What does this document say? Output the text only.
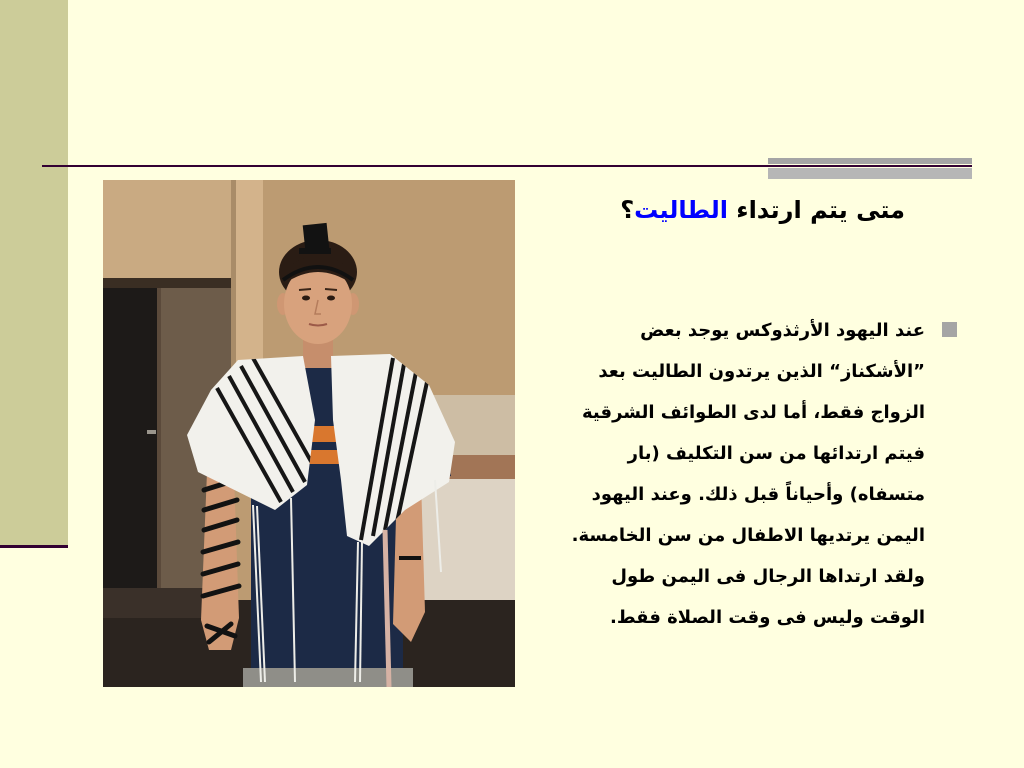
متى يتم ارتداء الطاليت؟
عند اليهود الأرثذوكس يوجد بعض
”الأشكناز“ الذين يرتدون الطاليت بعد
الزواج فقط، أما لدى الطوائف الشرقية
فيتم ارتدائها من سن التكليف (بار
متسفاه) وأحياناً قبل ذلك. وعند اليهود
اليمن يرتديها الاطفال من سن الخامسة.
ولقد ارتداها الرجال فى اليمن طول
الوقت وليس فى وقت الصلاة فقط.
